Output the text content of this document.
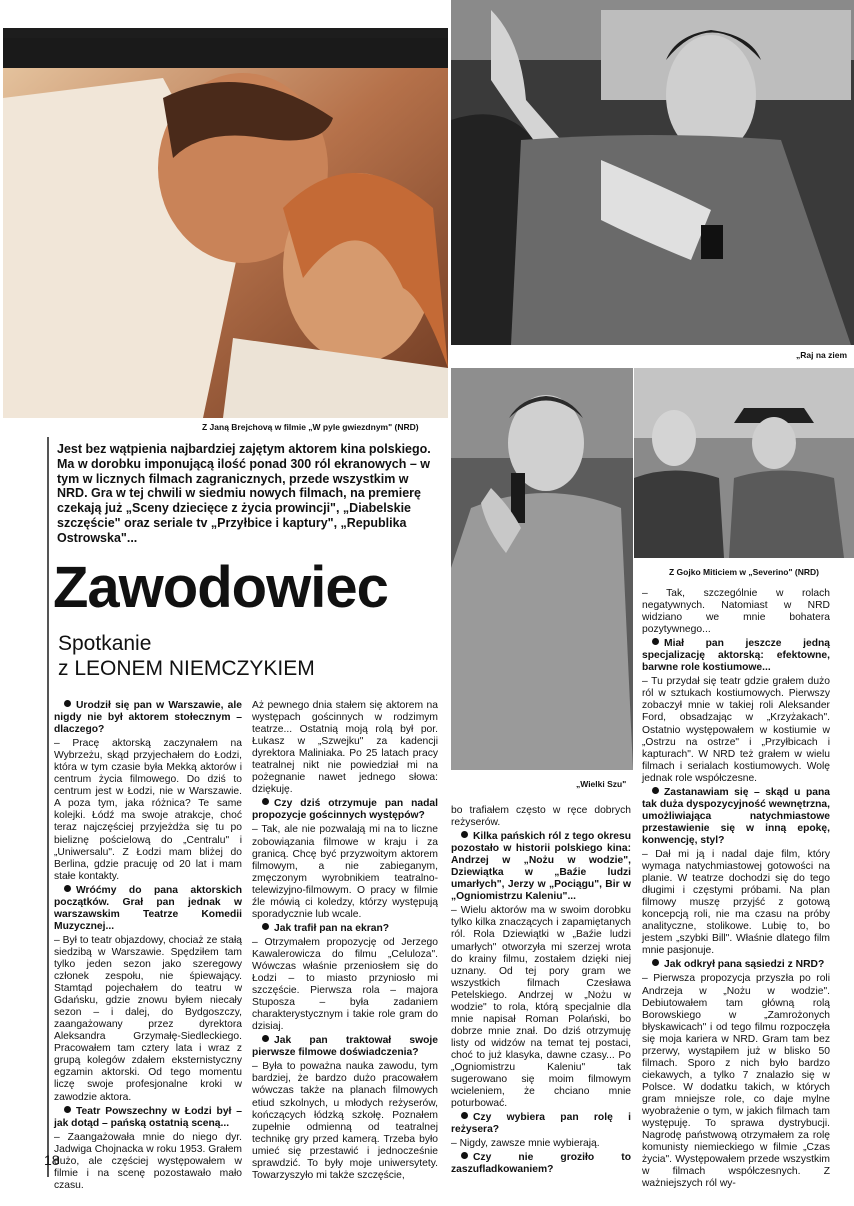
Z Janą Brejchovą w filmie „W pyle gwiezdnym" (NRD)
„Raj na ziem
„Wielki Szu"
Z Gojko Miticiem w „Severino" (NRD)
Jest bez wątpienia najbardziej zajętym aktorem kina polskiego. Ma w dorobku imponującą ilość ponad 300 ról ekranowych – w tym w licznych filmach zagranicznych, przede wszystkim w NRD. Gra w tej chwili w siedmiu nowych filmach, na premierę czekają już „Sceny dziecięce z życia prowincji", „Diabelskie szczęście" oraz seriale tv „Przyłbice i kaptury", „Republika Ostrowska"...
Zawodowiec
Spotkanie
z LEONEM NIEMCZYKIEM

Urodził się pan w Warszawie, ale nigdy nie był aktorem stołecznym – dlaczego?

– Pracę aktorską zaczynałem na Wybrzeżu, skąd przyjechałem do Łodzi, która w tym czasie była Mekką aktorów i centrum życia filmowego. Do dziś to centrum jest w Łodzi, nie w Warszawie. A poza tym, jaka różnica? Te same kolejki. Łódź ma swoje atrakcje, choć teraz najczęściej przyjeżdża się tu po bieliznę pościelową do „Centralu" i „Uniwersalu". Z Łodzi mam bliżej do Berlina, gdzie pracuję od 20 lat i mam stałe kontakty.

Wróćmy do pana aktorskich początków. Grał pan jednak w warszawskim Teatrze Komedii Muzycznej...

– Był to teatr objazdowy, chociaż ze stałą siedzibą w Warszawie. Spędziłem tam tylko jeden sezon jako szeregowy członek zespołu, nie śpiewający. Stamtąd pojechałem do teatru w Gdańsku, gdzie znowu byłem niecały sezon – i dalej, do Bydgoszczy, zaangażowany przez dyrektora Aleksandra Grzymałę-Siedleckiego. Pracowałem tam cztery lata i wraz z grupą kolegów zdałem eksternistyczny egzamin aktorski. Od tego momentu liczę swoje profesjonalne kroki w zawodzie aktora.

Teatr Powszechny w Łodzi był – jak dotąd – pańską ostatnią sceną...

– Zaangażowała mnie do niego dyr. Jadwiga Chojnacka w roku 1953. Grałem dużo, ale częściej występowałem w filmie i na scenę pozostawało mało czasu.

Aż pewnego dnia stałem się aktorem na występach gościnnych w rodzimym teatrze... Ostatnią moją rolą był por. Łukasz w „Szwejku" za kadencji dyrektora Maliniaka. Po 25 latach pracy teatralnej nikt nie powiedział mi na pożegnanie nawet jednego słowa: dziękuję.

Czy dziś otrzymuje pan nadal propozycje gościnnych występów?

– Tak, ale nie pozwalają mi na to liczne zobowiązania filmowe w kraju i za granicą. Chcę być przyzwoitym aktorem filmowym, a nie zabieganym, zmęczonym wyrobnikiem teatralno-telewizyjno-filmowym. O pracy w filmie źle mówią ci koledzy, którzy występują sporadycznie lub wcale.

Jak trafił pan na ekran?

– Otrzymałem propozycję od Jerzego Kawalerowicza do filmu „Celuloza". Wówczas właśnie przeniosłem się do Łodzi – to miasto przyniosło mi szczęście. Pierwsza rola – majora Stuposza – była zadaniem charakterystycznym i takie role gram do dzisiaj.

Jak pan traktował swoje pierwsze filmowe doświadczenia?

– Była to poważna nauka zawodu, tym bardziej, że bardzo dużo pracowałem wówczas także na planach filmowych etiud szkolnych, u młodych reżyserów, kończących łódzką szkołę. Poznałem zupełnie odmienną od teatralnej technikę gry przed kamerą. Trzeba było umieć się przestawić i jednocześnie sprawdzić. To były moje uniwersytety. Towarzyszyło mi także szczęście,

bo trafiałem często w ręce dobrych reżyserów.

Kilka pańskich ról z tego okresu pozostało w historii polskiego kina: Andrzej w „Nożu w wodzie", Dziewiątka w „Baźie ludzi umarłych", Jerzy w „Pociągu", Bir w „Ogniomistrzu Kaleniu"...

– Wielu aktorów ma w swoim dorobku tylko kilka znaczących i zapamiętanych ról. Rola Dziewiątki w „Baźie ludzi umarłych" otworzyła mi szerzej wrota do krainy filmu, zostałem dzięki niej uznany. Od tej pory gram we wszystkich filmach Czesława Petelskiego. Andrzej w „Nożu w wodzie" to rola, którą specjalnie dla mnie napisał Roman Polański, bo dobrze mnie znał. Do dziś otrzymuję listy od widzów na temat tej postaci, choć to już klasyka, dawne czasy... Po „Ogniomistrzu Kaleniu" tak sugerowano się moim filmowym wcieleniem, że chciano mnie poturbować.

Czy wybiera pan rolę i reżysera?

– Nigdy, zawsze mnie wybierają.

Czy nie groziło to zaszufladkowaniem?

– Tak, szczególnie w rolach negatywnych. Natomiast w NRD widziano we mnie bohatera pozytywnego...

Miał pan jeszcze jedną specjalizację aktorską: efektowne, barwne role kostiumowe...

– Tu przydał się teatr gdzie grałem dużo ról w sztukach kostiumowych. Pierwszy zobaczył mnie w takiej roli Aleksander Ford, obsadzając w „Krzyżakach". Ostatnio występowałem w kostiumie w „Ostrzu na ostrze" i „Przyłbicach i kapturach". W NRD też grałem w wielu filmach i serialach kostiumowych. Wolę jednak role współczesne.

Zastanawiam się – skąd u pana tak duża dyspozycyjność wewnętrzna, umożliwiająca natychmiastowe przestawienie się w inną epokę, konwencję, styl?

– Dał mi ją i nadal daje film, który wymaga natychmiastowej gotowości na planie. W teatrze dochodzi się do tego długimi i częstymi próbami. Na plan filmowy muszę przyjść z gotową koncepcją roli, nie ma czasu na próby analityczne, stolikowe. Lubię to, bo jestem „szybki Bill". Właśnie dlatego film mnie pasjonuje.

Jak odkrył pana sąsiedzi z NRD?

– Pierwsza propozycja przyszła po roli Andrzeja w „Nożu w wodzie". Debiutowałem tam główną rolą Borowskiego w „Zamrożonych błyskawicach" i od tego filmu rozpoczęła się moja kariera w NRD. Gram tam bez przerwy, wystąpiłem już w blisko 50 filmach. Sporo z nich było bardzo ciekawych, a tylko 7 znalazło się w Polsce. W dodatku takich, w których gram mniejsze role, co daje mylne wyobrażenie o tym, w jakich filmach tam występuję. To sprawa dystrybucji. Nagrodę państwową otrzymałem za rolę komunisty niemieckiego w filmie „Czas życia". Występowałem przede wszystkim w filmach współczesnych. Z ważniejszych ról wy-

18
